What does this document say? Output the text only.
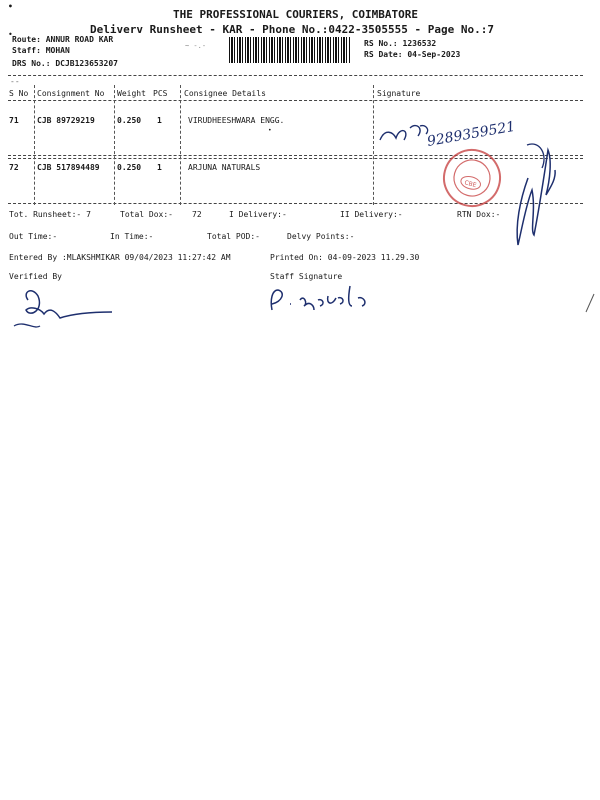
THE PROFESSIONAL COURIERS, COIMBATORE
•
•	Deliverv Runsheet - KAR - Phone No.:0422-3505555 - Page No.:7
Route: ANNUR ROAD KAR
Staff: MOHAN
DRS No.: DCJB123653207
RS No.: 1236532
RS Date: 04-Sep-2023
~ -.-
--
S No Consignment No Weight PCS Consignee Details	Signature
71 CJB 89729219	0.250 1	VIRUDHEESHWARA ENGG.
•
72 CJB 517894489 0.250 1	ARJUNA NATURALS
Tot. Runsheet:- 7	Total Dox:- 72	I Delivery:-	II Delivery:-	RTN Dox:-
Out Time:-	In Time:-	Total POD:-	Delvy Points:-
Entered By :MLAKSHMIKAR 09/04/2023 11:27:42 AM	Printed On: 04-09-2023 11.29.30
Verified By	Staff Signature
9289359521
CBE
